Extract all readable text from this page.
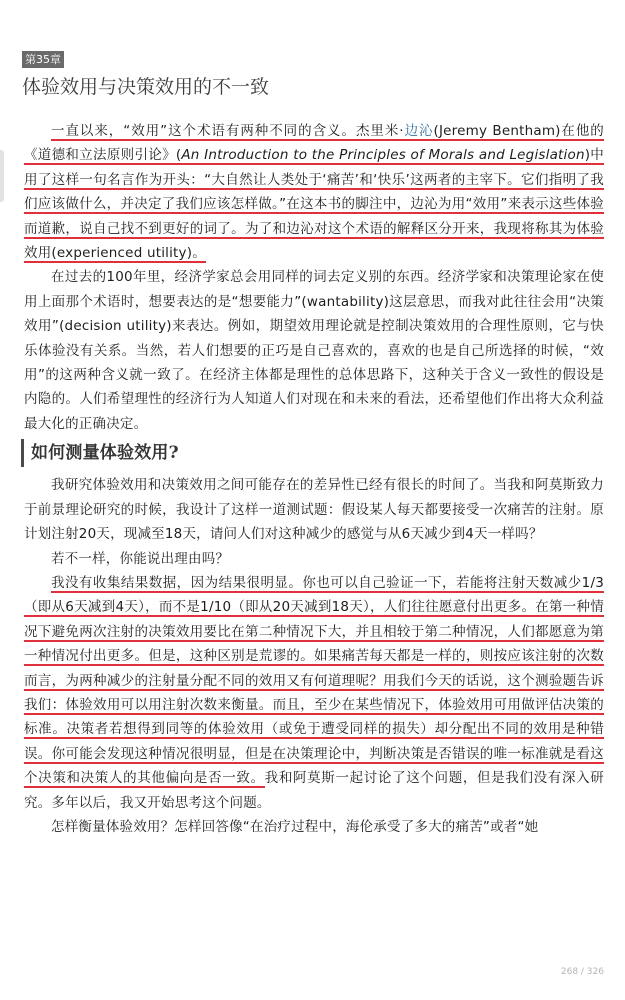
第35章
体验效用与决策效用的不一致

一直以来，“效用”这个术语有两种不同的含义。杰里米·边沁(Jeremy Bentham)在他的《道德和立法原则引论》(An Introduction to the Principles of Morals and Legislation)中用了这样一句名言作为开头：“大自然让人类处于‘痛苦’和‘快乐’这两者的主宰下。它们指明了我们应该做什么，并决定了我们应该怎样做。”在这本书的脚注中，边沁为用“效用”来表示这些体验而道歉，说自己找不到更好的词了。为了和边沁对这个术语的解释区分开来，我现将称其为体验效用(experienced utility)。

在过去的100年里，经济学家总会用同样的词去定义别的东西。经济学家和决策理论家在使用上面那个术语时，想要表达的是“想要能力”(wantability)这层意思，而我对此往往会用“决策效用”(decision utility)来表达。例如，期望效用理论就是控制决策效用的合理性原则，它与快乐体验没有关系。当然，若人们想要的正巧是自己喜欢的，喜欢的也是自己所选择的时候，“效用”的这两种含义就一致了。在经济主体都是理性的总体思路下，这种关于含义一致性的假设是内隐的。人们希望理性的经济行为人知道人们对现在和未来的看法，还希望他们作出将大众利益最大化的正确决定。

如何测量体验效用?

我研究体验效用和决策效用之间可能存在的差异性已经有很长的时间了。当我和阿莫斯致力于前景理论研究的时候，我设计了这样一道测试题：假设某人每天都要接受一次痛苦的注射。原计划注射20天，现减至18天，请问人们对这种减少的感觉与从6天减少到4天一样吗？

若不一样，你能说出理由吗？

我没有收集结果数据，因为结果很明显。你也可以自己验证一下，若能将注射天数减少1/3（即从6天减到4天），而不是1/10（即从20天减到18天），人们往往愿意付出更多。在第一种情况下避免两次注射的决策效用要比在第二种情况下大，并且相较于第二种情况，人们都愿意为第一种情况付出更多。但是，这种区别是荒谬的。如果痛苦每天都是一样的，则按应该注射的次数而言，为两种减少的注射量分配不同的效用又有何道理呢？用我们今天的话说，这个测验题告诉我们：体验效用可以用注射次数来衡量。而且，至少在某些情况下，体验效用可用做评估决策的标准。决策者若想得到同等的体验效用（或免于遭受同样的损失）却分配出不同的效用是种错误。你可能会发现这种情况很明显，但是在决策理论中，判断决策是否错误的唯一标准就是看这个决策和决策人的其他偏向是否一致。我和阿莫斯一起讨论了这个问题，但是我们没有深入研究。多年以后，我又开始思考这个问题。

怎样衡量体验效用？怎样回答像“在治疗过程中，海伦承受了多大的痛苦”或者“她

268 / 326
